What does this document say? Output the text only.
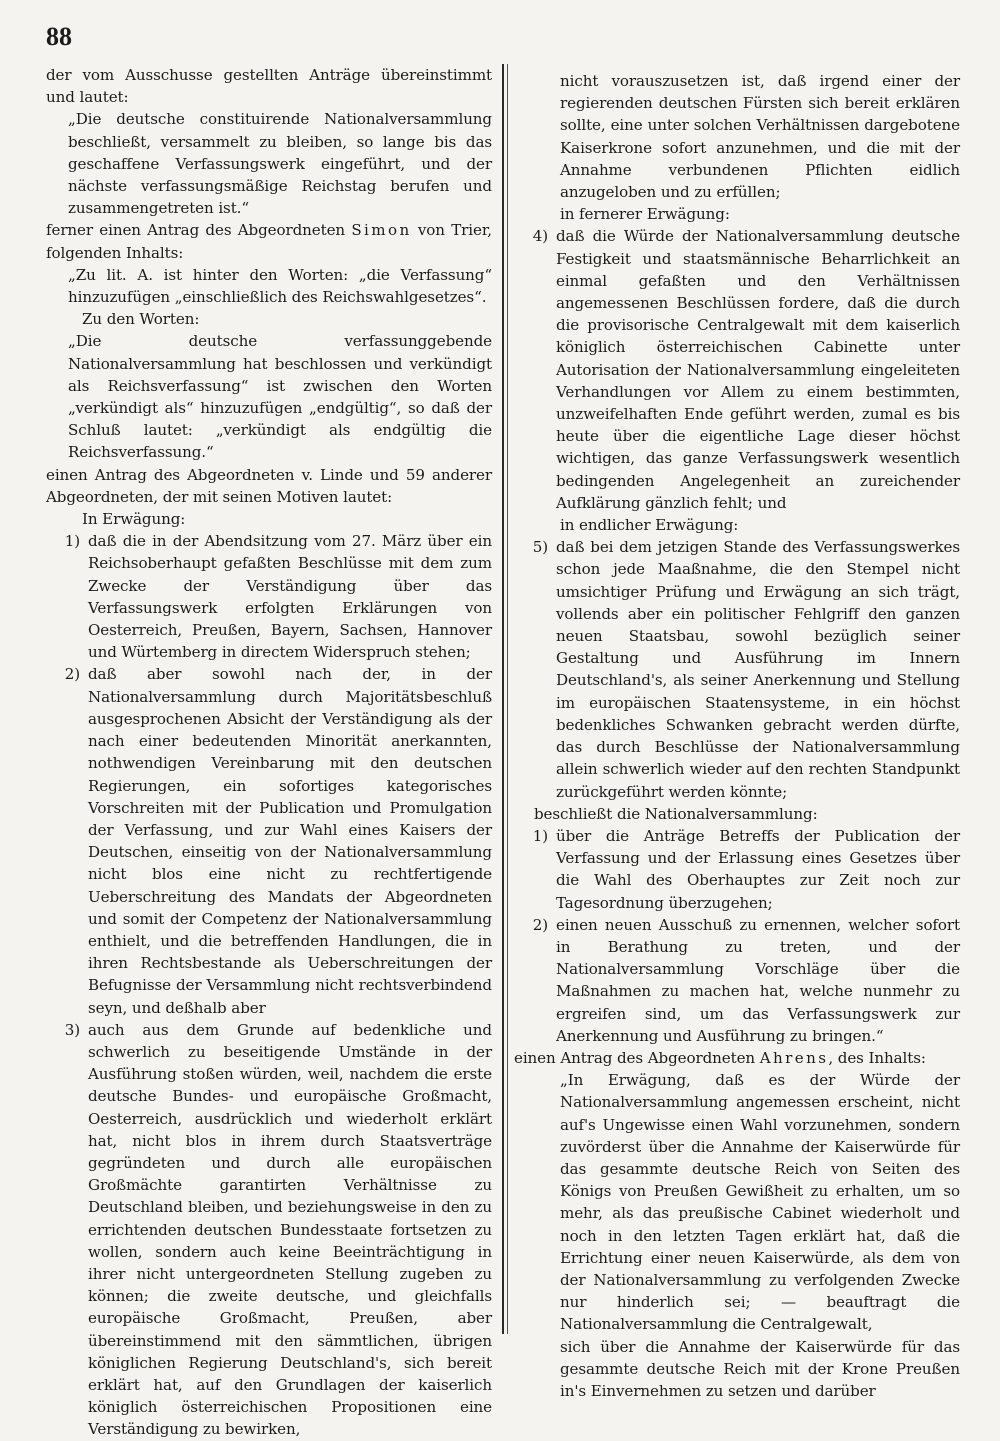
88

der vom Ausschusse gestellten Anträge übereinstimmt und lautet:

„Die deutsche constituirende Nationalversammlung beschließt, versammelt zu bleiben, so lange bis das geschaffene Verfassungswerk eingeführt, und der nächste verfassungsmäßige Reichstag berufen und zusammengetreten ist.“

ferner einen Antrag des Abgeordneten Simon von Trier, folgenden Inhalts:

„Zu lit. A. ist hinter den Worten: „die Verfassung“ hinzuzufügen „einschließlich des Reichswahlgesetzes“.

Zu den Worten:

„Die deutsche verfassunggebende Nationalversammlung hat beschlossen und verkündigt als Reichsverfassung“ ist zwischen den Worten „verkündigt als“ hinzuzufügen „endgültig“, so daß der Schluß lautet: „verkündigt als endgültig die Reichsverfassung.“

einen Antrag des Abgeordneten v. Linde und 59 anderer Abgeordneten, der mit seinen Motiven lautet:

In Erwägung:

1) daß die in der Abendsitzung vom 27. März über ein Reichsoberhaupt gefaßten Beschlüsse mit dem zum Zwecke der Verständigung über das Verfassungswerk erfolgten Erklärungen von Oesterreich, Preußen, Bayern, Sachsen, Hannover und Würtemberg in directem Widerspruch stehen;
2) daß aber sowohl nach der, in der Nationalversammlung durch Majoritätsbeschluß ausgesprochenen Absicht der Verständigung als der nach einer bedeutenden Minorität anerkannten, nothwendigen Vereinbarung mit den deutschen Regierungen, ein sofortiges kategorisches Vorschreiten mit der Publication und Promulgation der Verfassung, und zur Wahl eines Kaisers der Deutschen, einseitig von der Nationalversammlung nicht blos eine nicht zu rechtfertigende Ueberschreitung des Mandats der Abgeordneten und somit der Competenz der Nationalversammlung enthielt, und die betreffenden Handlungen, die in ihren Rechtsbestande als Ueberschreitungen der Befugnisse der Versammlung nicht rechtsverbindend seyn, und deßhalb aber
3) auch aus dem Grunde auf bedenkliche und schwerlich zu beseitigende Umstände in der Ausführung stoßen würden, weil, nachdem die erste deutsche Bundes- und europäische Großmacht, Oesterreich, ausdrücklich und wiederholt erklärt hat, nicht blos in ihrem durch Staatsverträge gegründeten und durch alle europäischen Großmächte garantirten Verhältnisse zu Deutschland bleiben, und beziehungsweise in den zu errichtenden deutschen Bundesstaate fortsetzen zu wollen, sondern auch keine Beeinträchtigung in ihrer nicht untergeordneten Stellung zugeben zu können; die zweite deutsche, und gleichfalls europäische Großmacht, Preußen, aber übereinstimmend mit den sämmtlichen, übrigen königlichen Regierung Deutschland's, sich bereit erklärt hat, auf den Grundlagen der kaiserlich königlich österreichischen Propositionen eine Verständigung zu bewirken,

nicht vorauszusetzen ist, daß irgend einer der regierenden deutschen Fürsten sich bereit erklären sollte, eine unter solchen Verhältnissen dargebotene Kaiserkrone sofort anzunehmen, und die mit der Annahme verbundenen Pflichten eidlich anzugeloben und zu erfüllen;

in fernerer Erwägung:

4) daß die Würde der Nationalversammlung deutsche Festigkeit und staatsmännische Beharrlichkeit an einmal gefaßten und den Verhältnissen angemessenen Beschlüssen fordere, daß die durch die provisorische Centralgewalt mit dem kaiserlich königlich österreichischen Cabinette unter Autorisation der Nationalversammlung eingeleiteten Verhandlungen vor Allem zu einem bestimmten, unzweifelhaften Ende geführt werden, zumal es bis heute über die eigentliche Lage dieser höchst wichtigen, das ganze Verfassungswerk wesentlich bedingenden Angelegenheit an zureichender Aufklärung gänzlich fehlt; und

in endlicher Erwägung:

5) daß bei dem jetzigen Stande des Verfassungswerkes schon jede Maaßnahme, die den Stempel nicht umsichtiger Prüfung und Erwägung an sich trägt, vollends aber ein politischer Fehlgriff den ganzen neuen Staatsbau, sowohl bezüglich seiner Gestaltung und Ausführung im Innern Deutschland's, als seiner Anerkennung und Stellung im europäischen Staatensysteme, in ein höchst bedenkliches Schwanken gebracht werden dürfte, das durch Beschlüsse der Nationalversammlung allein schwerlich wieder auf den rechten Standpunkt zurückgeführt werden könnte;

beschließt die Nationalversammlung:

1) über die Anträge Betreffs der Publication der Verfassung und der Erlassung eines Gesetzes über die Wahl des Oberhauptes zur Zeit noch zur Tagesordnung überzugehen;
2) einen neuen Ausschuß zu ernennen, welcher sofort in Berathung zu treten, und der Nationalversammlung Vorschläge über die Maßnahmen zu machen hat, welche nunmehr zu ergreifen sind, um das Verfassungswerk zur Anerkennung und Ausführung zu bringen.“

einen Antrag des Abgeordneten Ahrens, des Inhalts:

„In Erwägung, daß es der Würde der Nationalversammlung angemessen erscheint, nicht auf's Ungewisse einen Wahl vorzunehmen, sondern zuvörderst über die Annahme der Kaiserwürde für das gesammte deutsche Reich von Seiten des Königs von Preußen Gewißheit zu erhalten, um so mehr, als das preußische Cabinet wiederholt und noch in den letzten Tagen erklärt hat, daß die Errichtung einer neuen Kaiserwürde, als dem von der Nationalversammlung zu verfolgenden Zwecke nur hinderlich sei; — beauftragt die Nationalversammlung die Centralgewalt,

sich über die Annahme der Kaiserwürde für das gesammte deutsche Reich mit der Krone Preußen in's Einvernehmen zu setzen und darüber
